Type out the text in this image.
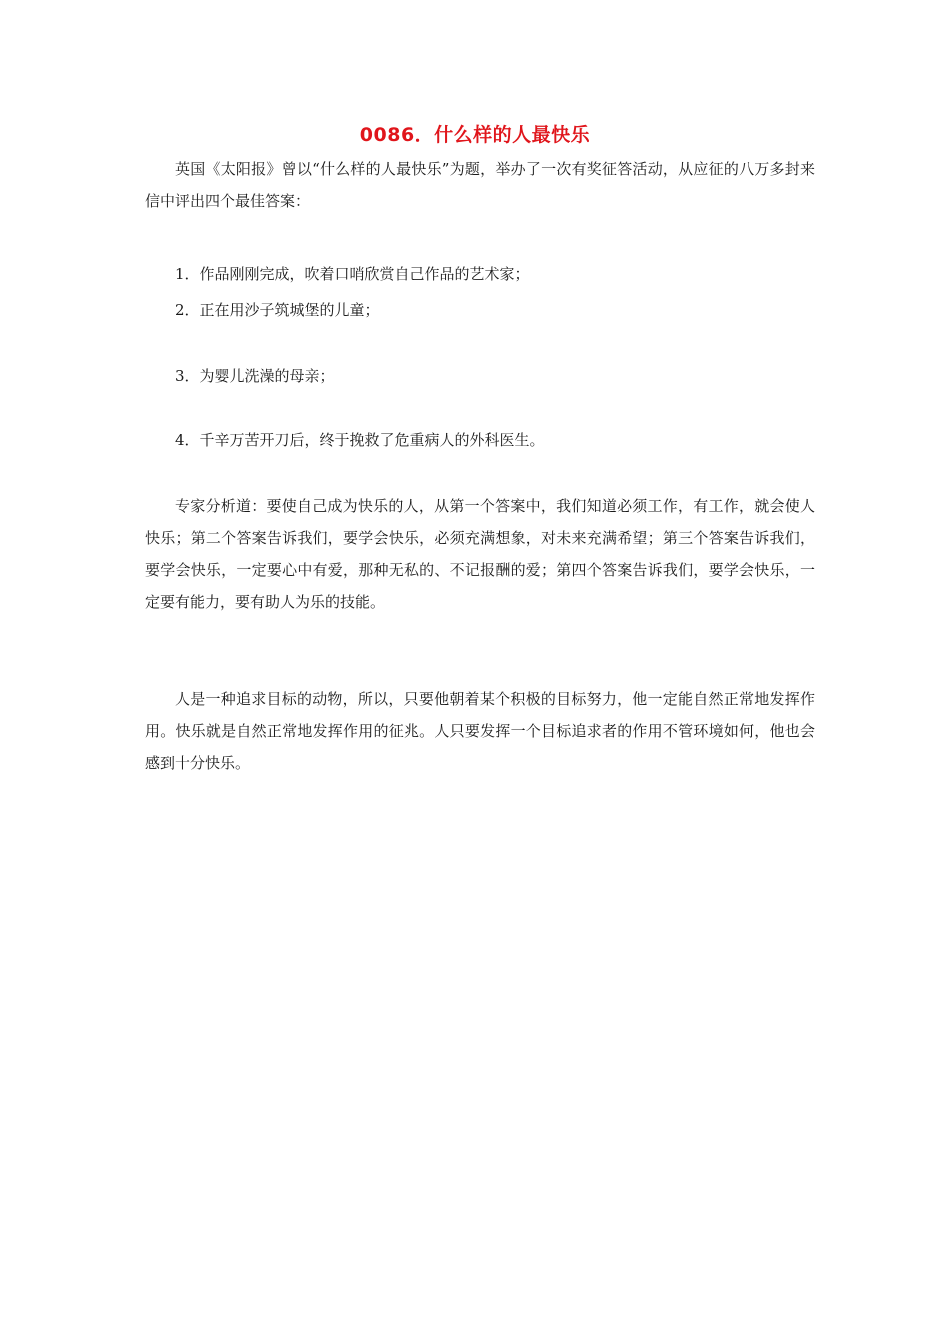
0086．什么样的人最快乐
英国《太阳报》曾以“什么样的人最快乐”为题，举办了一次有奖征答活动，从应征的八万多封来信中评出四个最佳答案：
1．作品刚刚完成，吹着口哨欣赏自己作品的艺术家；
2．正在用沙子筑城堡的儿童；
3．为婴儿洗澡的母亲；
4．千辛万苦开刀后，终于挽救了危重病人的外科医生。
专家分析道：要使自己成为快乐的人，从第一个答案中，我们知道必须工作，有工作，就会使人快乐；第二个答案告诉我们，要学会快乐，必须充满想象，对未来充满希望；第三个答案告诉我们，要学会快乐，一定要心中有爱，那种无私的、不记报酬的爱；第四个答案告诉我们，要学会快乐，一定要有能力，要有助人为乐的技能。
人是一种追求目标的动物，所以，只要他朝着某个积极的目标努力，他一定能自然正常地发挥作用。快乐就是自然正常地发挥作用的征兆。人只要发挥一个目标追求者的作用不管环境如何，他也会感到十分快乐。
